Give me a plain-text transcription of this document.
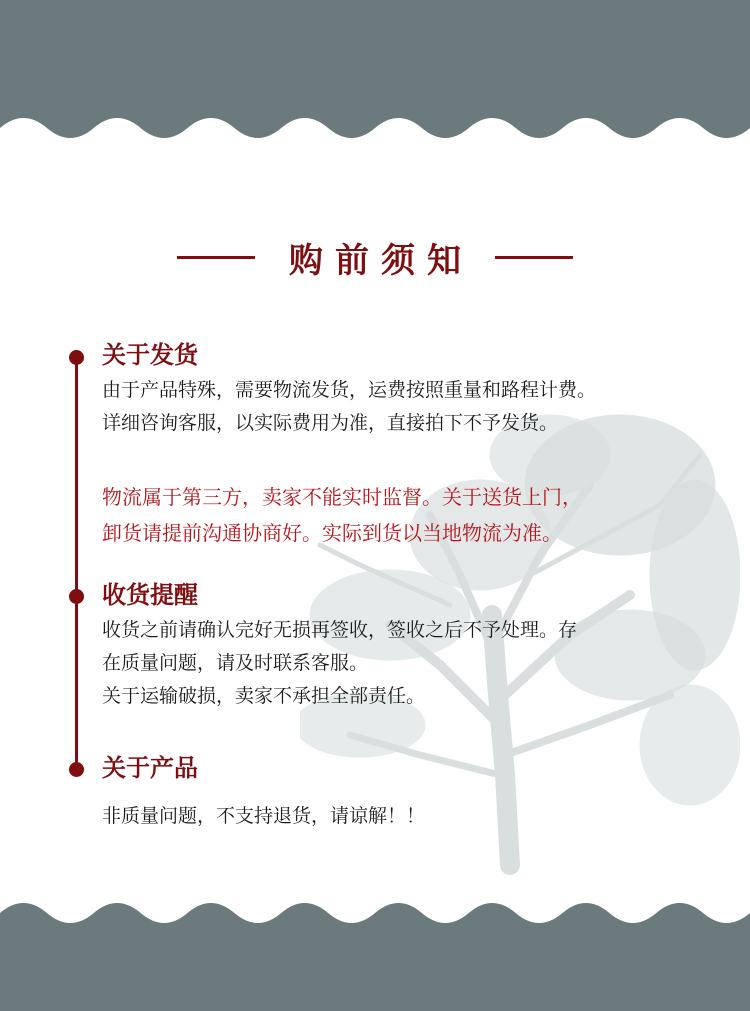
购前须知
关于发货
由于产品特殊，需要物流发货，运费按照重量和路程计费。
详细咨询客服，以实际费用为准，直接拍下不予发货。
物流属于第三方，卖家不能实时监督。关于送货上门，
卸货请提前沟通协商好。实际到货以当地物流为准。
收货提醒
收货之前请确认完好无损再签收，签收之后不予处理。存
在质量问题，请及时联系客服。
关于运输破损，卖家不承担全部责任。
关于产品
非质量问题，不支持退货，请谅解！！
